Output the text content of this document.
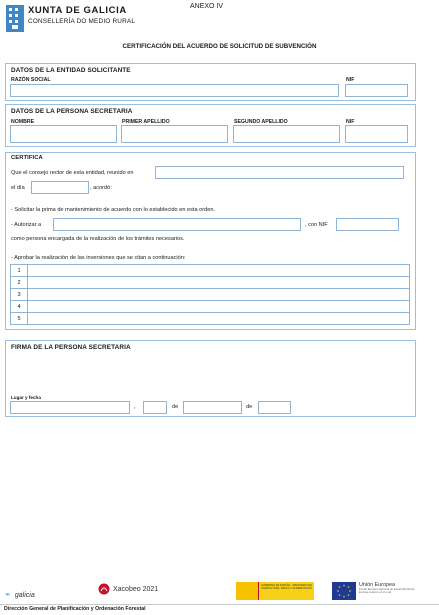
XUNTA DE GALICIA
CONSELLERÍA DO MEDIO RURAL
ANEXO IV
CERTIFICACIÓN DEL ACUERDO DE SOLICITUD DE SUBVENCIÓN
DATOS DE LA ENTIDAD SOLICITANTE
RAZÓN SOCIAL	NIF
DATOS DE LA PERSONA SECRETARIA
NOMBRE	PRIMER APELLIDO	SEGUNDO APELLIDO	NIF
CERTIFICA
Que el consejo rector de esta entidad, reunido en
el día	, acordó:
- Solicitar la prima de mantenimiento de acuerdo con lo establecido en esta orden.
- Autorizar a	, con NIF
como persona encargada de la realización de los trámites necesarios.
- Aprobar la realización de las inversiones que se citan a continuación:
1
2
3
4
5
FIRMA DE LA PERSONA SECRETARIA
Lugar y fecha
,	de	de
⌁ galicia
Xacobeo 2021	GOBIERNO DE ESPAÑA · MINISTERIO DE AGRICULTURA, PESCA Y ALIMENTACIÓN
Unión Europea
Fondo Europeo Agrícola de Desarrollo Rural
Europa invierte en el rural
Dirección General de Planificación y Ordenación Forestal
